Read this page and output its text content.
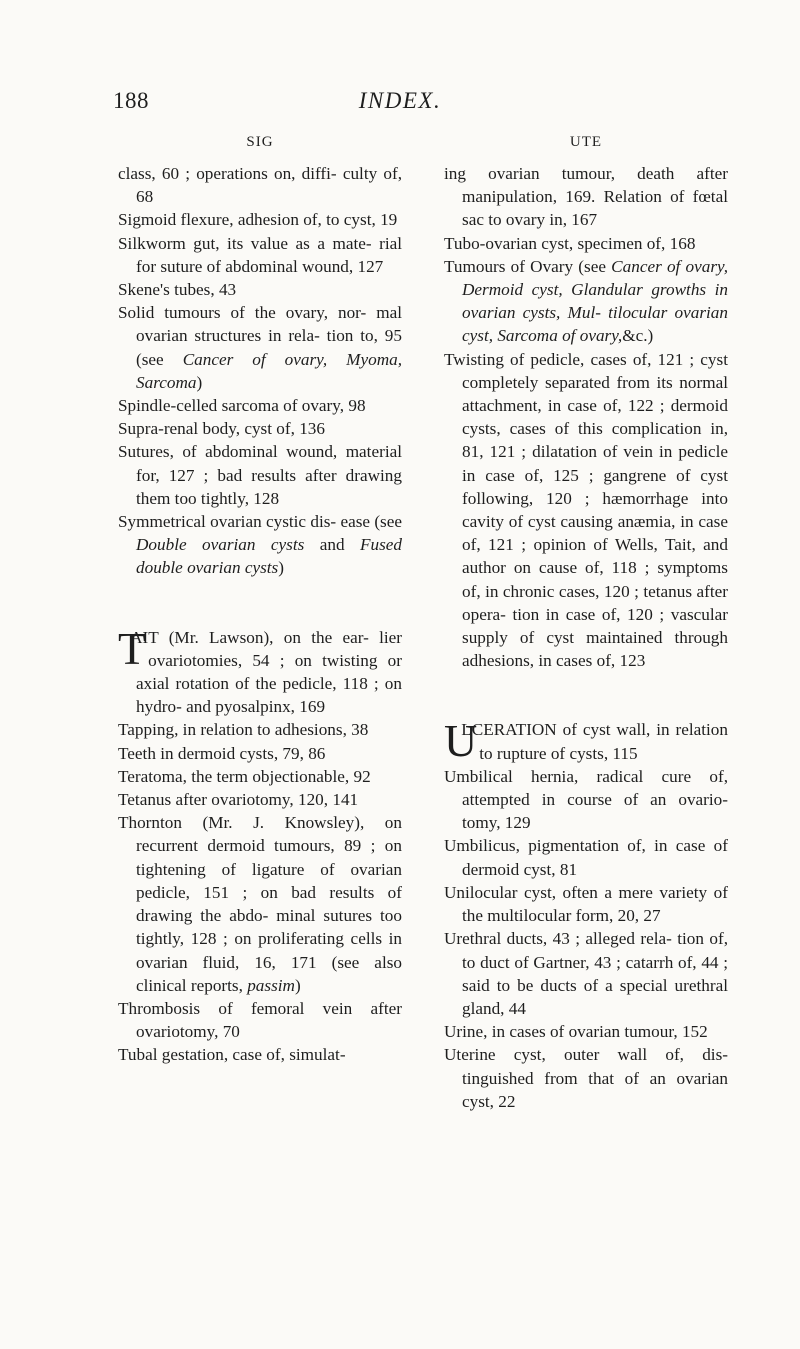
188	INDEX.
SIG
class, 60 ; operations on, diffi- culty of, 68
Sigmoid flexure, adhesion of, to cyst, 19
Silkworm gut, its value as a mate- rial for suture of abdominal wound, 127
Skene's tubes, 43
Solid tumours of the ovary, nor- mal ovarian structures in rela- tion to, 95 (see Cancer of ovary, Myoma, Sarcoma)
Spindle-celled sarcoma of ovary, 98
Supra-renal body, cyst of, 136
Sutures, of abdominal wound, material for, 127 ; bad results after drawing them too tightly, 128
Symmetrical ovarian cystic dis- ease (see Double ovarian cysts and Fused double ovarian cysts)
T
AIT (Mr. Lawson), on the ear- lier ovariotomies, 54 ; on twisting or axial rotation of the pedicle, 118 ; on hydro- and pyosalpinx, 169
Tapping, in relation to adhesions, 38
Teeth in dermoid cysts, 79, 86
Teratoma, the term objectionable, 92
Tetanus after ovariotomy, 120, 141
Thornton (Mr. J. Knowsley), on recurrent dermoid tumours, 89 ; on tightening of ligature of ovarian pedicle, 151 ; on bad results of drawing the abdo- minal sutures too tightly, 128 ; on proliferating cells in ovarian fluid, 16, 171 (see also clinical reports, passim)
Thrombosis of femoral vein after ovariotomy, 70
Tubal gestation, case of, simulat-
UTE
ing ovarian tumour, death after manipulation, 169. Relation of fœtal sac to ovary in, 167
Tubo-ovarian cyst, specimen of, 168
Tumours of Ovary (see Cancer of ovary, Dermoid cyst, Glandular growths in ovarian cysts, Mul- tilocular ovarian cyst, Sarcoma of ovary,&c.)
Twisting of pedicle, cases of, 121 ; cyst completely separated from its normal attachment, in case of, 122 ; dermoid cysts, cases of this complication in, 81, 121 ; dilatation of vein in pedicle in case of, 125 ; gangrene of cyst following, 120 ; hæmorrhage into cavity of cyst causing anæmia, in case of, 121 ; opinion of Wells, Tait, and author on cause of, 118 ; symptoms of, in chronic cases, 120 ; tetanus after opera- tion in case of, 120 ; vascular supply of cyst maintained through adhesions, in cases of, 123
U
LCERATION of cyst wall, in relation to rupture of cysts, 115
Umbilical hernia, radical cure of, attempted in course of an ovario- tomy, 129
Umbilicus, pigmentation of, in case of dermoid cyst, 81
Unilocular cyst, often a mere variety of the multilocular form, 20, 27
Urethral ducts, 43 ; alleged rela- tion of, to duct of Gartner, 43 ; catarrh of, 44 ; said to be ducts of a special urethral gland, 44
Urine, in cases of ovarian tumour, 152
Uterine cyst, outer wall of, dis- tinguished from that of an ovarian cyst, 22
